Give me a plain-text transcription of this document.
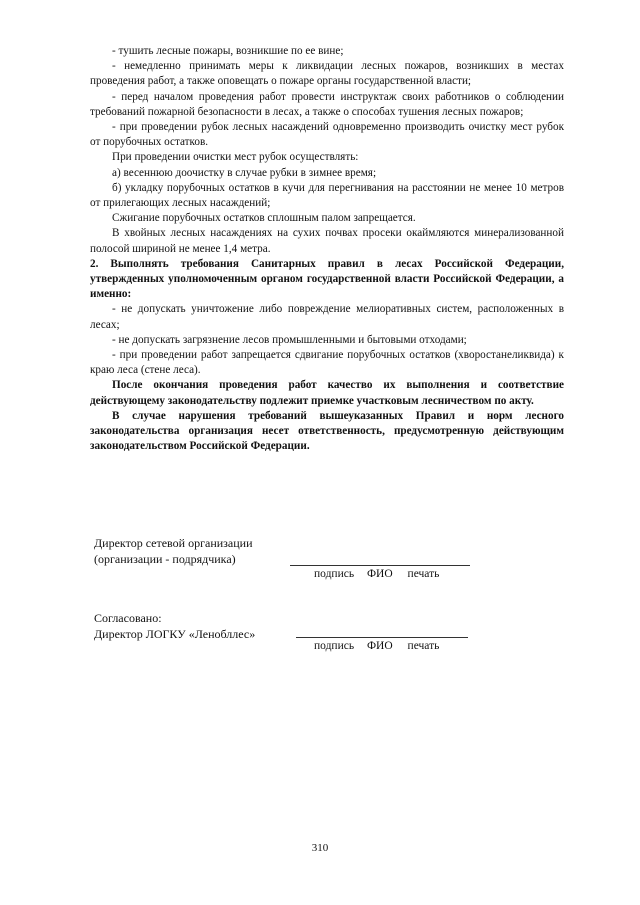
- тушить лесные пожары, возникшие по ее вине;

- немедленно принимать меры к ликвидации лесных пожаров, возникших в местах проведения работ, а также оповещать о пожаре органы государственной власти;

- перед началом проведения работ провести инструктаж своих работников о соблюдении требований пожарной безопасности в лесах, а также о способах тушения лесных пожаров;

- при проведении рубок лесных насаждений одновременно производить очистку мест рубок от порубочных остатков.

При проведении очистки мест рубок осуществлять:

а) весеннюю доочистку в случае рубки в зимнее время;

б) укладку порубочных остатков в кучи для перегнивания на расстоянии не менее 10 метров от прилегающих лесных насаждений;

Сжигание порубочных остатков сплошным палом запрещается.

В хвойных лесных насаждениях на сухих почвах просеки окаймляются минерализованной полосой шириной не менее 1,4 метра.

2. Выполнять требования Санитарных правил в лесах Российской Федерации, утвержденных уполномоченным органом государственной власти Российской Федерации, а именно:

- не допускать уничтожение либо повреждение мелиоративных систем, расположенных в лесах;

- не допускать загрязнение лесов промышленными и бытовыми отходами;

- при проведении работ запрещается сдвигание порубочных остатков (хворостанеликвида) к краю леса (стене леса).

После окончания проведения работ качество их выполнения и соответствие действующему законодательству подлежит приемке участковым лесничеством по акту.

В случае нарушения требований вышеуказанных Правил и норм лесного законодательства организация несет ответственность, предусмотренную действующим законодательством Российской Федерации.

Директор сетевой организации

(организации - подрядчика)

подпись ФИО печать

Согласовано:

Директор ЛОГКУ «Ленобллес»

подпись ФИО печать
310
